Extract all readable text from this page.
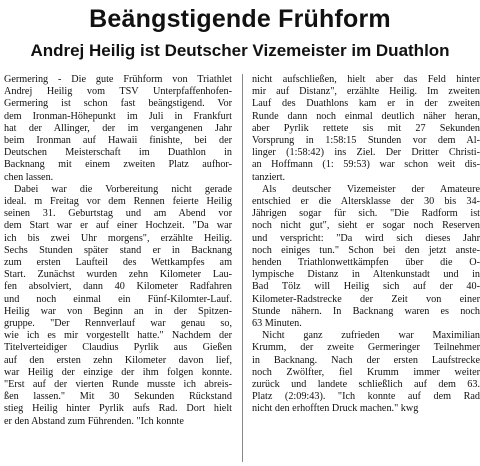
Beängstigende Frühform
Andrej Heilig ist Deutscher Vizemeister im Duathlon
Germering - Die gute Frühform von Triathlet
Andrej Heilig vom TSV Unterpfaffenhofen-
Germering ist schon fast beängstigend. Vor
dem Ironman-Höhepunkt im Juli in Frankfurt
hat der Allinger, der im vergangenen Jahr
beim Ironman auf Hawaii finishte, bei der
Deutschen Meisterschaft im Duathlon in
Backnang mit einem zweiten Platz aufhor-
chen lassen.
Dabei war die Vorbereitung nicht gerade
ideal. m Freitag vor dem Rennen feierte Heilig
seinen 31. Geburtstag und am Abend vor
dem Start war er auf einer Hochzeit. "Da war
ich bis zwei Uhr morgens", erzählte Heilig.
Sechs Stunden später stand er in Backnang
zum ersten Laufteil des Wettkampfes am
Start. Zunächst wurden zehn Kilometer Lau-
fen absolviert, dann 40 Kilometer Radfahren
und noch einmal ein Fünf-Kilomter-Lauf.
Heilig war von Beginn an in der Spitzen-
gruppe. "Der Rennverlauf war genau so,
wie ich es mir vorgestellt hatte." Nachdem der
Titelverteidiger Claudius Pyrlik aus Gießen
auf den ersten zehn Kilometer davon lief,
war Heilig der einzige der ihm folgen konnte.
"Erst auf der vierten Runde musste ich abreis-
ßen lassen." Mit 30 Sekunden Rückstand
stieg Heilig hinter Pyrlik aufs Rad. Dort hielt
er den Abstand zum Führenden. "Ich konnte
nicht aufschließen, hielt aber das Feld hinter
mir auf Distanz", erzählte Heilig. Im zweiten
Lauf des Duathlons kam er in der zweiten
Runde dann noch einmal deutlich näher heran,
aber Pyrlik rettete sis mit 27 Sekunden
Vorsprung in 1:58:15 Stunden vor dem Al-
linger (1:58:42) ins Ziel. Der Dritter Christi-
an Hoffmann (1: 59:53) war schon weit dis-
tanziert.
Als deutscher Vizemeister der Amateure
entschied er die Altersklasse der 30 bis 34-
Jährigen sogar für sich. "Die Radform ist
noch nicht gut", sieht er sogar noch Reserven
und verspricht: "Da wird sich dieses Jahr
noch einiges tun." Schon bei den jetzt anste-
henden Triathlonwettkämpfen über die O-
lympische Distanz in Altenkunstadt und in
Bad Tölz will Heilig sich auf der 40-
Kilometer-Radstrecke der Zeit von einer
Stunde nähern. In Backnang waren es noch
63 Minuten.
Nicht ganz zufrieden war Maximilian
Krumm, der zweite Germeringer Teilnehmer
in Backnang. Nach der ersten Laufstrecke
noch Zwölfter, fiel Krumm immer weiter
zurück und landete schließlich auf dem 63.
Platz (2:09:43). "Ich konnte auf dem Rad
nicht den erhofften Druck machen." kwg
